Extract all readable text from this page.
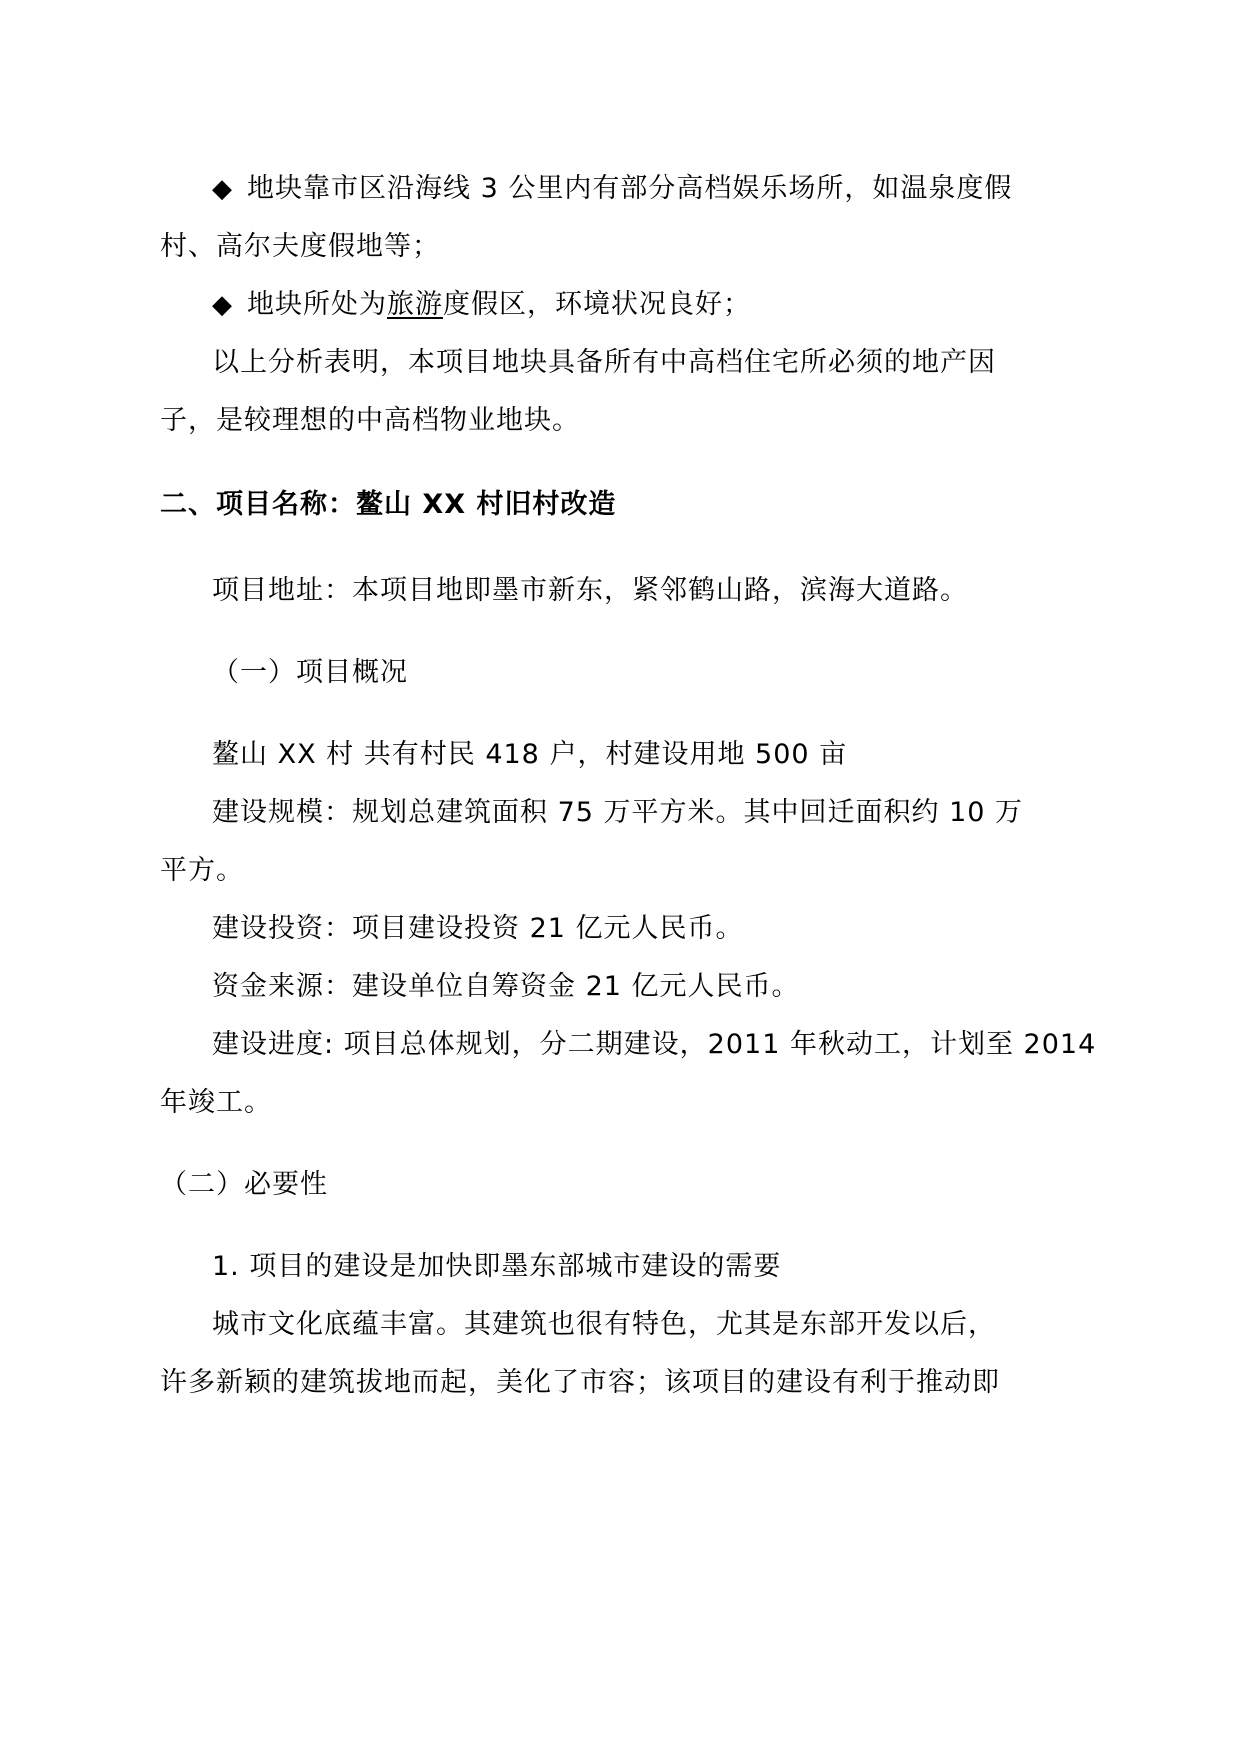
◆ 地块靠市区沿海线 3 公里内有部分高档娱乐场所，如温泉度假
村、高尔夫度假地等；
◆ 地块所处为旅游度假区，环境状况良好；
以上分析表明，本项目地块具备所有中高档住宅所必须的地产因
子，是较理想的中高档物业地块。
二、项目名称：鳌山 XX 村旧村改造
项目地址：本项目地即墨市新东，紧邻鹤山路，滨海大道路。
（一）项目概况
鳌山 XX 村 共有村民 418 户，村建设用地 500 亩
建设规模：规划总建筑面积 75 万平方米。其中回迁面积约 10 万
平方。
建设投资：项目建设投资 21 亿元人民币。
资金来源：建设单位自筹资金 21 亿元人民币。
建设进度: 项目总体规划，分二期建设，2011 年秋动工，计划至 2014
年竣工。
（二）必要性
1. 项目的建设是加快即墨东部城市建设的需要
城市文化底蕴丰富。其建筑也很有特色，尤其是东部开发以后，
许多新颖的建筑拔地而起，美化了市容；该项目的建设有利于推动即
